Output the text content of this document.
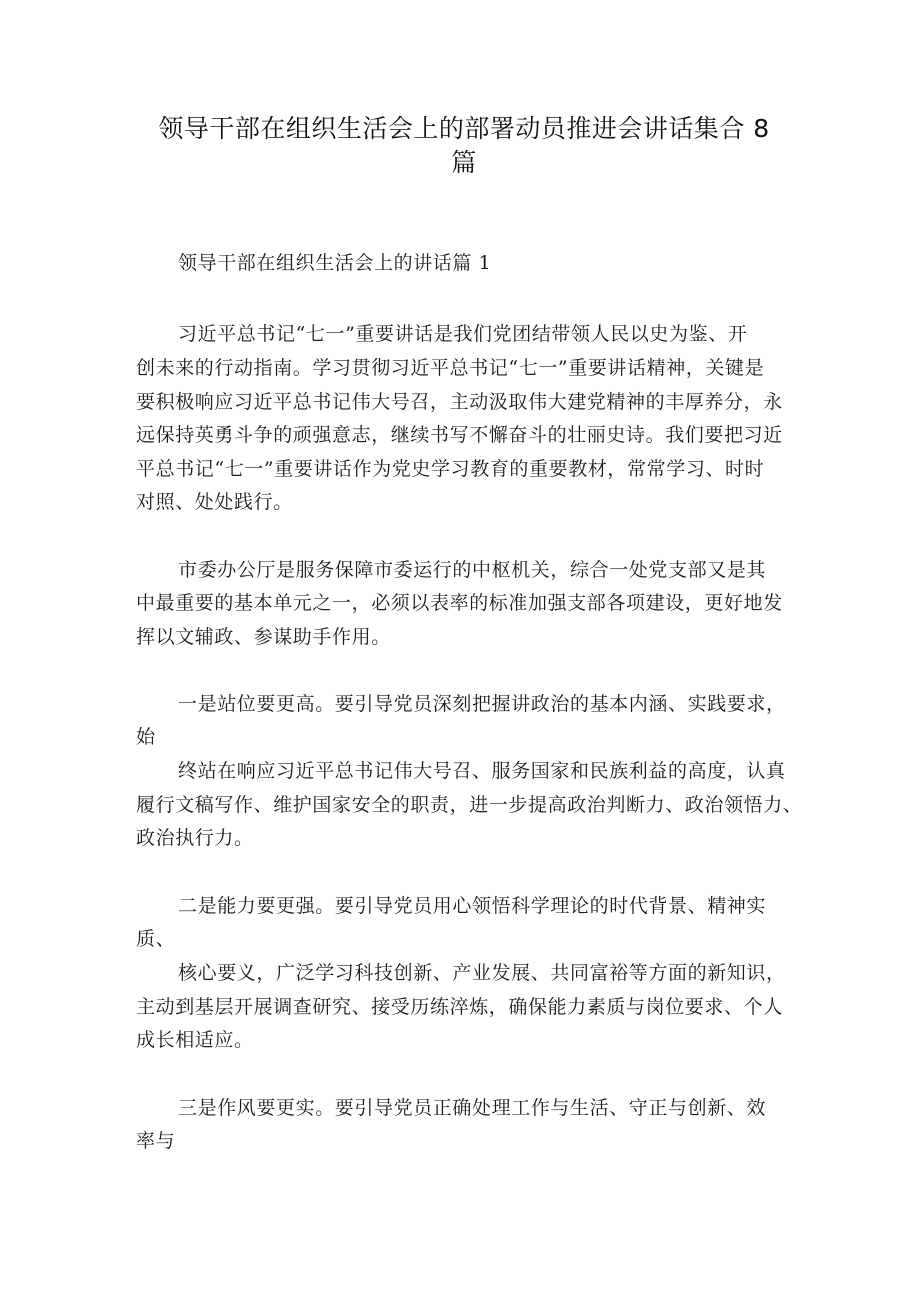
领导干部在组织生活会上的部署动员推进会讲话集合 8
篇
领导干部在组织生活会上的讲话篇 1
习近平总书记“七一”重要讲话是我们党团结带领人民以史为鉴、开
创未来的行动指南。学习贯彻习近平总书记“七一”重要讲话精神，关键是
要积极响应习近平总书记伟大号召，主动汲取伟大建党精神的丰厚养分，永
远保持英勇斗争的顽强意志，继续书写不懈奋斗的壮丽史诗。我们要把习近
平总书记“七一”重要讲话作为党史学习教育的重要教材，常常学习、时时
对照、处处践行。
市委办公厅是服务保障市委运行的中枢机关，综合一处党支部又是其
中最重要的基本单元之一，必须以表率的标准加强支部各项建设，更好地发
挥以文辅政、参谋助手作用。
一是站位要更高。要引导党员深刻把握讲政治的基本内涵、实践要求，
始
终站在响应习近平总书记伟大号召、服务国家和民族利益的高度，认真
履行文稿写作、维护国家安全的职责，进一步提高政治判断力、政治领悟力、
政治执行力。
二是能力要更强。要引导党员用心领悟科学理论的时代背景、精神实
质、
核心要义，广泛学习科技创新、产业发展、共同富裕等方面的新知识，
主动到基层开展调查研究、接受历练淬炼，确保能力素质与岗位要求、个人
成长相适应。
三是作风要更实。要引导党员正确处理工作与生活、守正与创新、效
率与
